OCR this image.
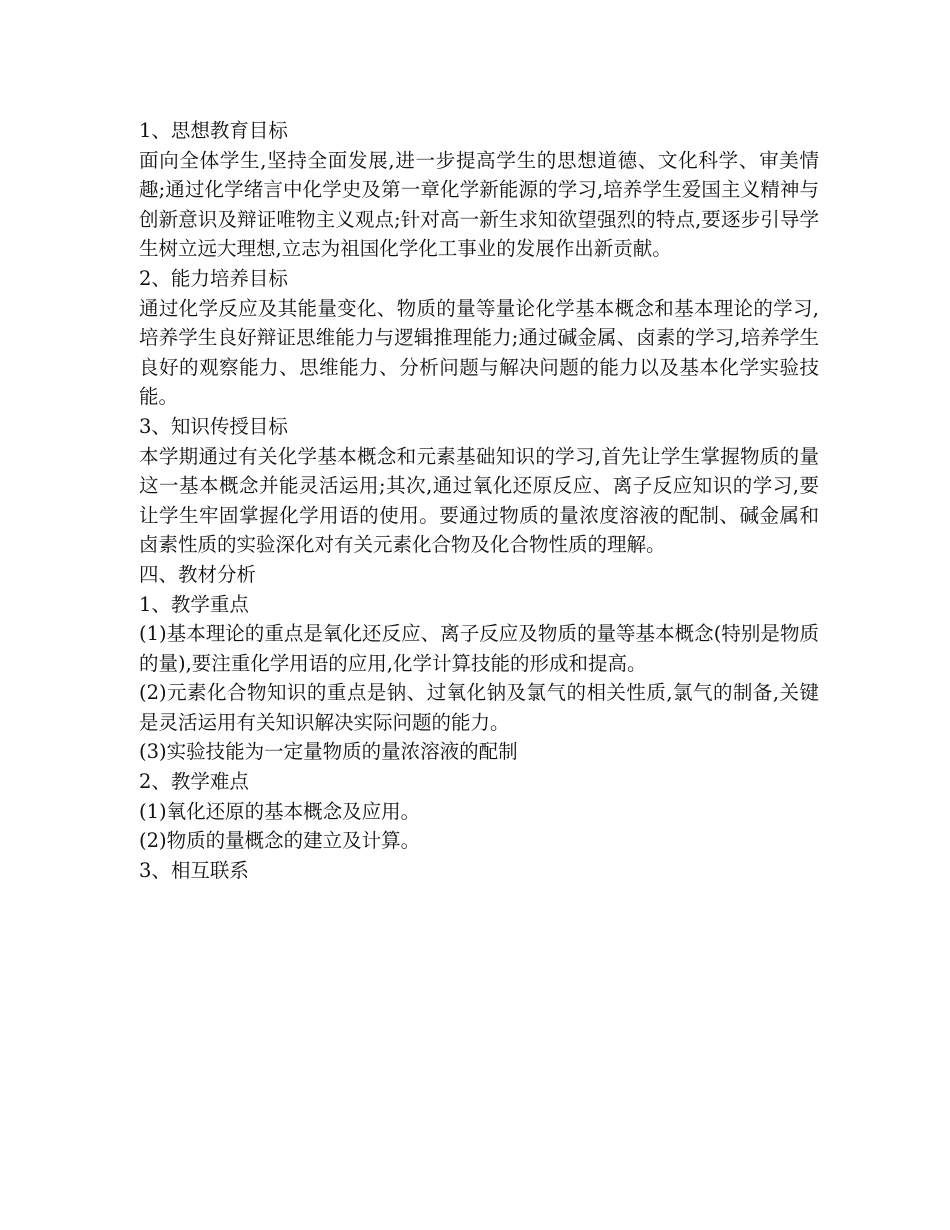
1、思想教育目标

面向全体学生,坚持全面发展,进一步提高学生的思想道德、文化科学、审美情趣;通过化学绪言中化学史及第一章化学新能源的学习,培养学生爱国主义精神与创新意识及辩证唯物主义观点;针对高一新生求知欲望强烈的特点,要逐步引导学生树立远大理想,立志为祖国化学化工事业的发展作出新贡献。

2、能力培养目标

通过化学反应及其能量变化、物质的量等量论化学基本概念和基本理论的学习,培养学生良好辩证思维能力与逻辑推理能力;通过碱金属、卤素的学习,培养学生良好的观察能力、思维能力、分析问题与解决问题的能力以及基本化学实验技能。

3、知识传授目标

本学期通过有关化学基本概念和元素基础知识的学习,首先让学生掌握物质的量这一基本概念并能灵活运用;其次,通过氧化还原反应、离子反应知识的学习,要让学生牢固掌握化学用语的使用。要通过物质的量浓度溶液的配制、碱金属和卤素性质的实验深化对有关元素化合物及化合物性质的理解。

四、教材分析

1、教学重点

(1)基本理论的重点是氧化还反应、离子反应及物质的量等基本概念(特别是物质的量),要注重化学用语的应用,化学计算技能的形成和提高。

(2)元素化合物知识的重点是钠、过氧化钠及氯气的相关性质,氯气的制备,关键是灵活运用有关知识解决实际问题的能力。

(3)实验技能为一定量物质的量浓溶液的配制

2、教学难点

(1)氧化还原的基本概念及应用。

(2)物质的量概念的建立及计算。

3、相互联系
